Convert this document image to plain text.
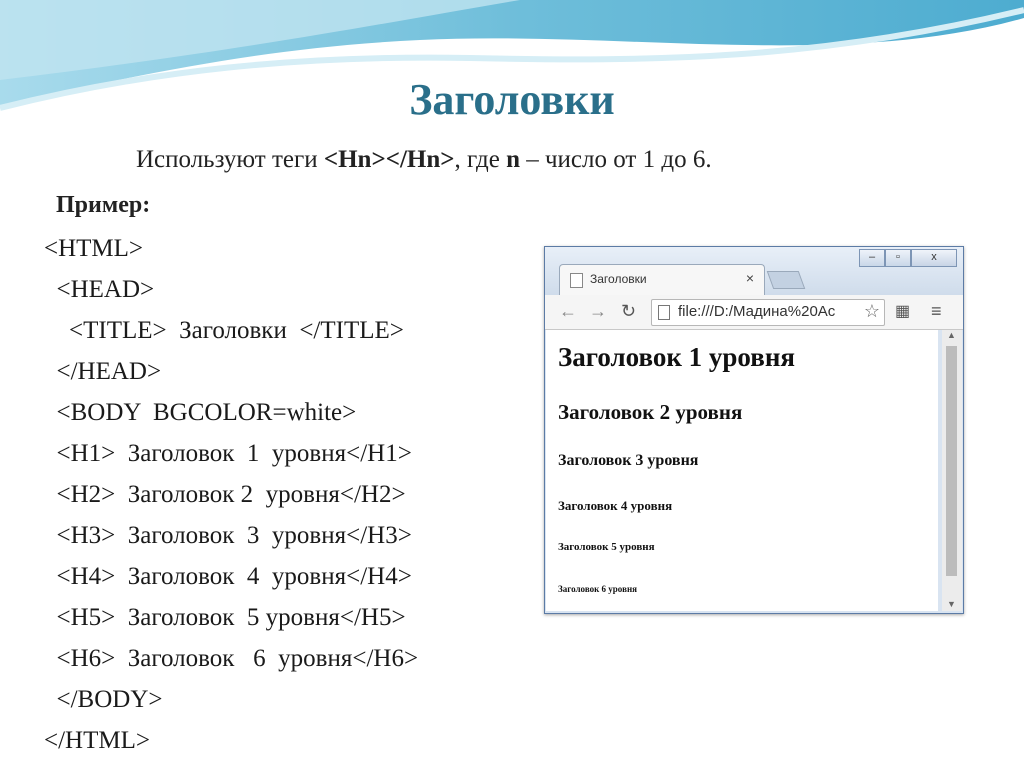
Заголовки
Используют теги <Hn></Hn>, где n – число от 1 до 6.
Пример:
<HTML>
<HEAD>
<TITLE>  Заголовки  </TITLE>
</HEAD>
<BODY  BGCOLOR=white>
<H1>  Заголовок  1  уровня</H1>
<H2>  Заголовок 2  уровня</H2>
<H3>  Заголовок  3  уровня</H3>
<H4>  Заголовок  4  уровня</H4>
<H5>  Заголовок  5 уровня</H5>
<H6>  Заголовок   6  уровня</H6>
</BODY>
</HTML>
‒	▫	x
Заголовки	×
← → ↻	file:///D:/Мадина%20Ac ☆ ▦ ≡
Заголовок 1 уровня
Заголовок 2 уровня
Заголовок 3 уровня
Заголовок 4 уровня
Заголовок 5 уровня
Заголовок 6 уровня
▲
▼
